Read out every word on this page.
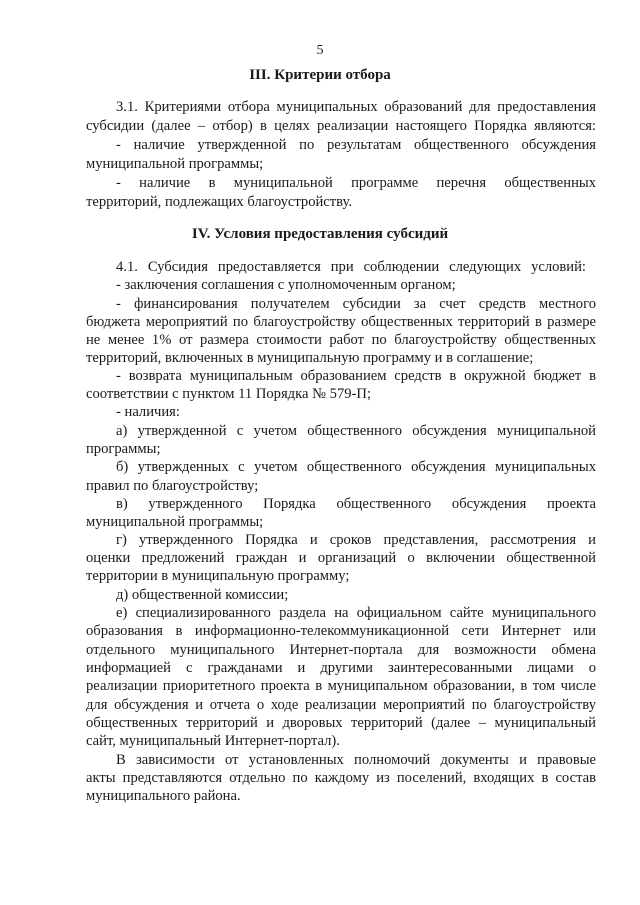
5
III. Критерии отбора
3.1. Критериями отбора муниципальных образований для предоставления
субсидии (далее – отбор) в целях реализации настоящего Порядка являются:
- наличие утвержденной по результатам общественного обсуждения
муниципальной программы;
- наличие в муниципальной программе перечня общественных
территорий, подлежащих благоустройству.
IV. Условия предоставления субсидий
4.1. Субсидия предоставляется при соблюдении следующих условий:
- заключения соглашения с уполномоченным органом;
- финансирования получателем субсидии за счет средств местного
бюджета мероприятий по благоустройству общественных территорий в размере
не менее 1% от размера стоимости работ по благоустройству общественных
территорий, включенных в муниципальную программу и в соглашение;
- возврата муниципальным образованием средств в окружной бюджет в
соответствии с пунктом 11 Порядка № 579-П;
- наличия:
а) утвержденной с учетом общественного обсуждения муниципальной
программы;
б) утвержденных с учетом общественного обсуждения муниципальных
правил по благоустройству;
в) утвержденного Порядка общественного обсуждения проекта
муниципальной программы;
г) утвержденного Порядка и сроков представления, рассмотрения и
оценки предложений граждан и организаций о включении общественной
территории в муниципальную программу;
д) общественной комиссии;
е) специализированного раздела на официальном сайте муниципального
образования в информационно-телекоммуникационной сети Интернет или
отдельного муниципального Интернет-портала для возможности обмена
информацией с гражданами и другими заинтересованными лицами о
реализации приоритетного проекта в муниципальном образовании, в том числе
для обсуждения и отчета о ходе реализации мероприятий по благоустройству
общественных территорий и дворовых территорий (далее – муниципальный
сайт, муниципальный Интернет-портал).
В зависимости от установленных полномочий документы и правовые
акты представляются отдельно по каждому из поселений, входящих в состав
муниципального района.
